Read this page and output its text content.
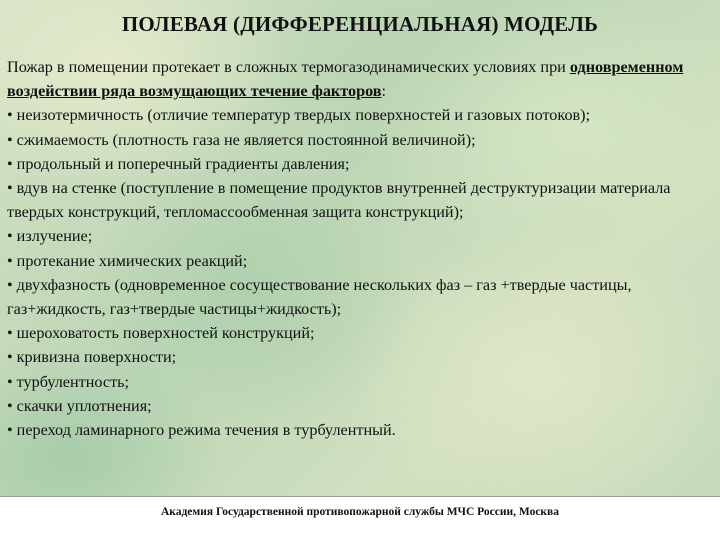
ПОЛЕВАЯ (ДИФФЕРЕНЦИАЛЬНАЯ) МОДЕЛЬ
Пожар в помещении протекает в сложных термогазодинамических условиях при одновременном воздействии ряда возмущающих течение факторов:
• неизотермичность (отличие температур твердых поверхностей и газовых потоков);
• сжимаемость (плотность газа не является постоянной величиной);
• продольный и поперечный градиенты давления;
• вдув на стенке (поступление в помещение продуктов внутренней деструктуризации материала твердых конструкций, тепломассообменная защита конструкций);
• излучение;
• протекание химических реакций;
• двухфазность (одновременное сосуществование нескольких фаз – газ +твердые частицы, газ+жидкость, газ+твердые частицы+жидкость);
• шероховатость поверхностей конструкций;
• кривизна поверхности;
• турбулентность;
• скачки уплотнения;
• переход ламинарного режима течения в турбулентный.
Академия Государственной противопожарной службы МЧС России, Москва
